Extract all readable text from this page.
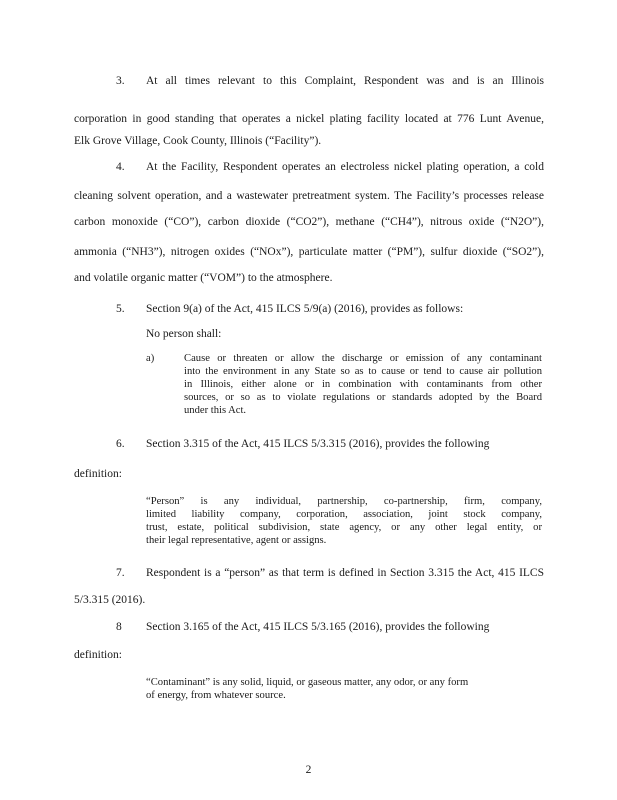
3. At all times relevant to this Complaint, Respondent was and is an Illinois
corporation in good standing that operates a nickel plating facility located at 776 Lunt Avenue,
Elk Grove Village, Cook County, Illinois (“Facility”).
4. At the Facility, Respondent operates an electroless nickel plating operation, a cold
cleaning solvent operation, and a wastewater pretreatment system. The Facility’s processes release
carbon monoxide (“CO”), carbon dioxide (“CO2”), methane (“CH4”), nitrous oxide (“N2O”),
ammonia (“NH3”), nitrogen oxides (“NOx”), particulate matter (“PM”), sulfur dioxide (“SO2”),
and volatile organic matter (“VOM”) to the atmosphere.
5. Section 9(a) of the Act, 415 ILCS 5/9(a) (2016), provides as follows:
No person shall:
a)	Cause or threaten or allow the discharge or emission of any contaminant
into the environment in any State so as to cause or tend to cause air pollution
in Illinois, either alone or in combination with contaminants from other
sources, or so as to violate regulations or standards adopted by the Board
under this Act.
6. Section 3.315 of the Act, 415 ILCS 5/3.315 (2016), provides the following
definition:
“Person” is any individual, partnership, co-partnership, firm, company,
limited liability company, corporation, association, joint stock company,
trust, estate, political subdivision, state agency, or any other legal entity, or
their legal representative, agent or assigns.
7. Respondent is a “person” as that term is defined in Section 3.315 the Act, 415 ILCS
5/3.315 (2016).
8 Section 3.165 of the Act, 415 ILCS 5/3.165 (2016), provides the following
definition:
“Contaminant” is any solid, liquid, or gaseous matter, any odor, or any form
of energy, from whatever source.
2
